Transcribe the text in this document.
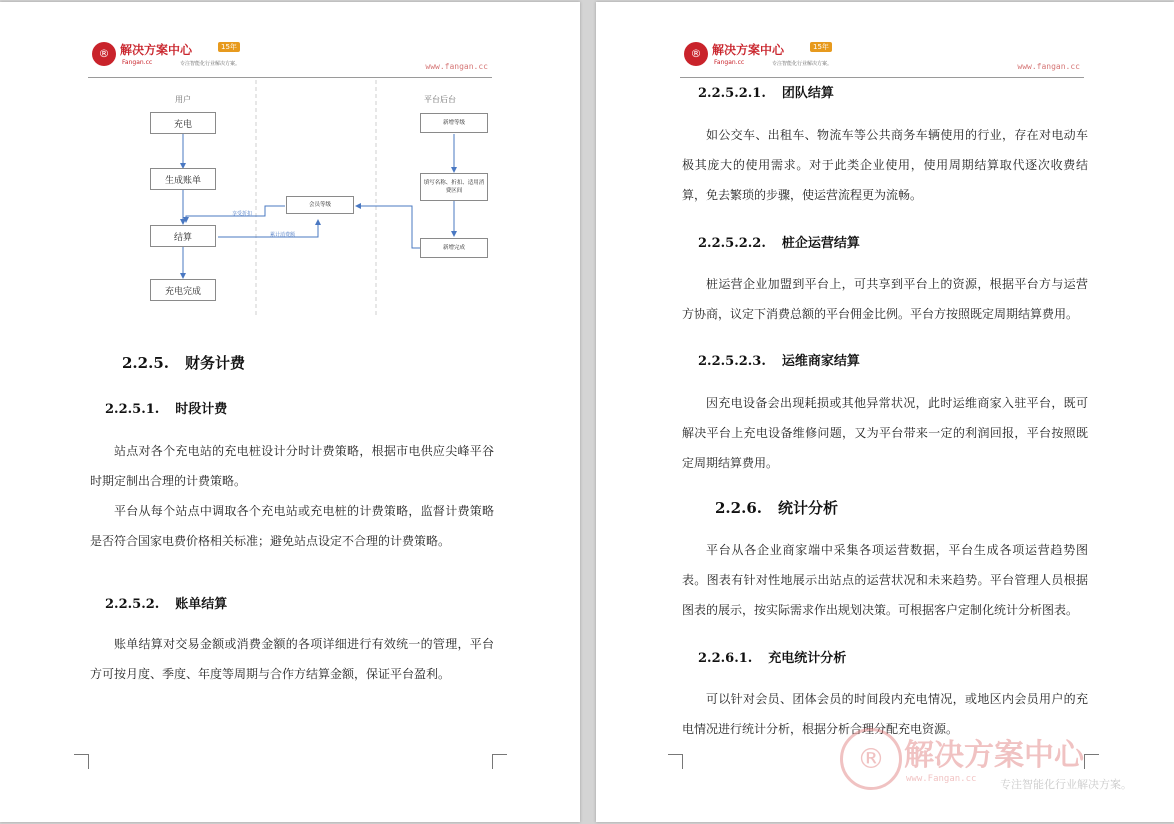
® 解决方案中心	15年
Fangan.cc	专注智能化行业解决方案。	www.fangan.cc
用户	平台后台
充电
生成账单
结算
充电完成
会员等级
新增等级
填写名称、折扣、适用消费区间
新增完成
享受折扣
累计消费额
2.2.5. 财务计费
2.2.5.1. 时段计费
站点对各个充电站的充电桩设计分时计费策略，根据市电供应尖峰平谷时期定制出合理的计费策略。
平台从每个站点中调取各个充电站或充电桩的计费策略，监督计费策略是否符合国家电费价格相关标准；避免站点设定不合理的计费策略。
2.2.5.2. 账单结算
账单结算对交易金额或消费金额的各项详细进行有效统一的管理，平台方可按月度、季度、年度等周期与合作方结算金额，保证平台盈利。
® 解决方案中心	15年
Fangan.cc	专注智能化行业解决方案。	www.fangan.cc
2.2.5.2.1. 团队结算
如公交车、出租车、物流车等公共商务车辆使用的行业，存在对电动车极其庞大的使用需求。对于此类企业使用，使用周期结算取代逐次收费结算，免去繁琐的步骤，使运营流程更为流畅。
2.2.5.2.2. 桩企运营结算
桩运营企业加盟到平台上，可共享到平台上的资源，根据平台方与运营方协商，议定下消费总额的平台佣金比例。平台方按照既定周期结算费用。
2.2.5.2.3. 运维商家结算
因充电设备会出现耗损或其他异常状况，此时运维商家入驻平台，既可解决平台上充电设备维修问题，又为平台带来一定的利润回报，平台按照既定周期结算费用。
2.2.6. 统计分析
平台从各企业商家端中采集各项运营数据，平台生成各项运营趋势图表。图表有针对性地展示出站点的运营状况和未来趋势。平台管理人员根据图表的展示，按实际需求作出规划决策。可根据客户定制化统计分析图表。
2.2.6.1. 充电统计分析
可以针对会员、团体会员的时间段内充电情况，或地区内会员用户的充电情况进行统计分析，根据分析合理分配充电资源。
® 解决方案中心
www.Fangan.cc 专注智能化行业解决方案。
